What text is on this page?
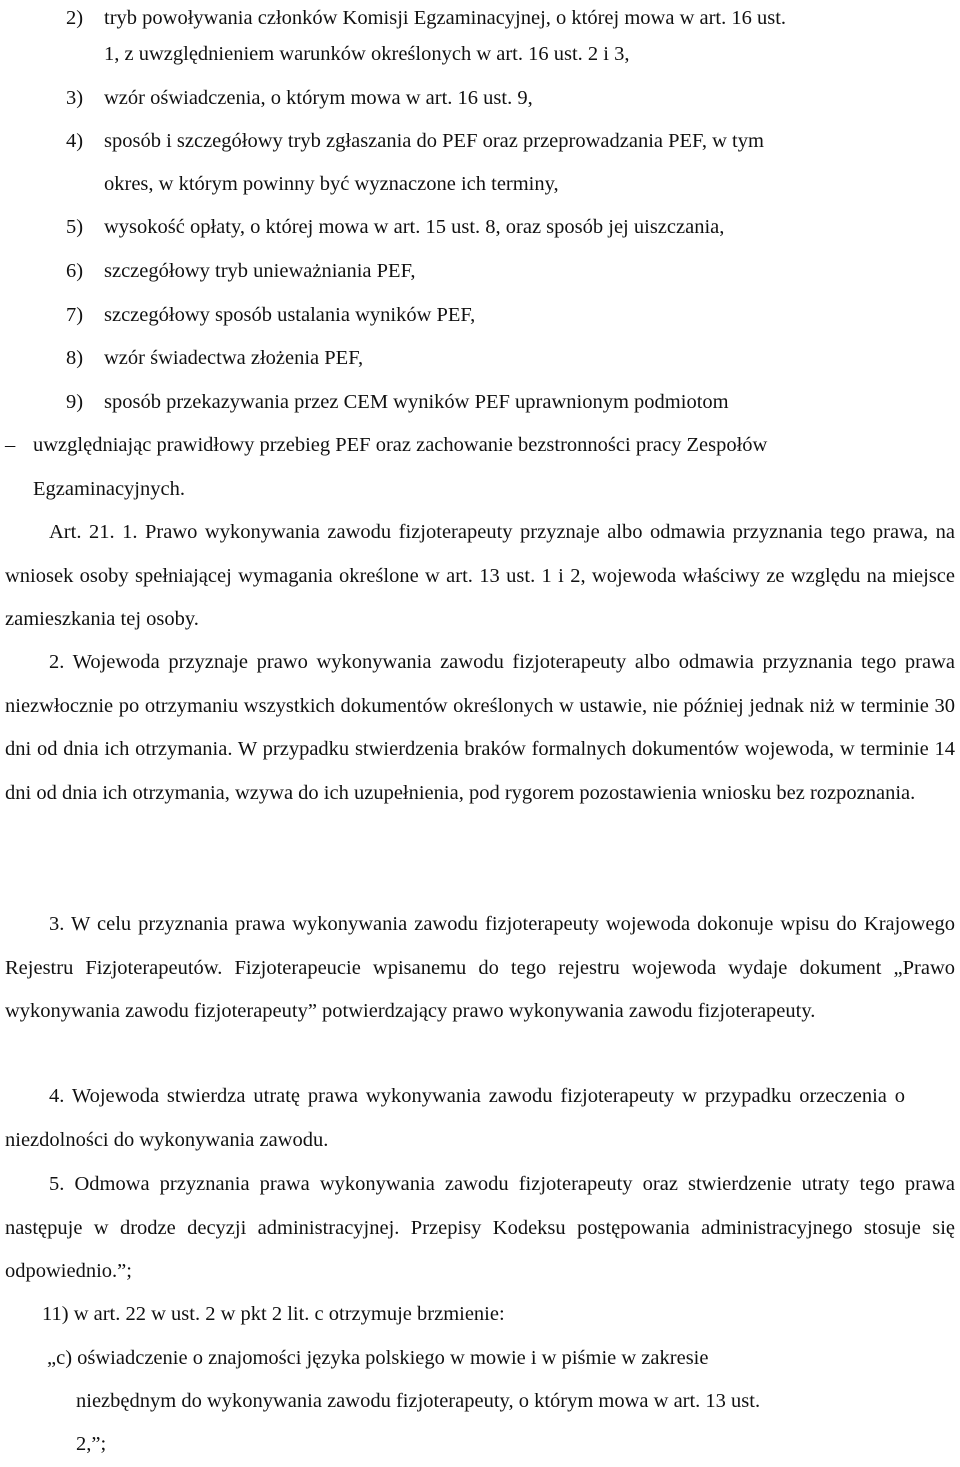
2) tryb powoływania członków Komisji Egzaminacyjnej, o której mowa w art. 16 ust.
1, z uwzględnieniem warunków określonych w art. 16 ust. 2 i 3,
3) wzór oświadczenia, o którym mowa w art. 16 ust. 9,
4) sposób i szczegółowy tryb zgłaszania do PEF oraz przeprowadzania PEF, w tym
okres, w którym powinny być wyznaczone ich terminy,
5) wysokość opłaty, o której mowa w art. 15 ust. 8, oraz sposób jej uiszczania,
6) szczegółowy tryb unieważniania PEF,
7) szczegółowy sposób ustalania wyników PEF,
8) wzór świadectwa złożenia PEF,
9) sposób przekazywania przez CEM wyników PEF uprawnionym podmiotom
– uwzględniając prawidłowy przebieg PEF oraz zachowanie bezstronności pracy Zespołów
Egzaminacyjnych.
Art. 21. 1. Prawo wykonywania zawodu fizjoterapeuty przyznaje albo odmawia przyznania tego prawa, na wniosek osoby spełniającej wymagania określone w art. 13 ust. 1 i 2, wojewoda właściwy ze względu na miejsce zamieszkania tej osoby.
2. Wojewoda przyznaje prawo wykonywania zawodu fizjoterapeuty albo odmawia przyznania tego prawa niezwłocznie po otrzymaniu wszystkich dokumentów określonych w ustawie, nie później jednak niż w terminie 30 dni od dnia ich otrzymania. W przypadku stwierdzenia braków formalnych dokumentów wojewoda, w terminie 14 dni od dnia ich otrzymania, wzywa do ich uzupełnienia, pod rygorem pozostawienia wniosku bez rozpoznania.
3. W celu przyznania prawa wykonywania zawodu fizjoterapeuty wojewoda dokonuje wpisu do Krajowego Rejestru Fizjoterapeutów. Fizjoterapeucie wpisanemu do tego rejestru wojewoda wydaje dokument „Prawo wykonywania zawodu fizjoterapeuty” potwierdzający prawo wykonywania zawodu fizjoterapeuty.
4. Wojewoda stwierdza utratę prawa wykonywania zawodu fizjoterapeuty w przypadku orzeczenia o niezdolności do wykonywania zawodu.
5. Odmowa przyznania prawa wykonywania zawodu fizjoterapeuty oraz stwierdzenie utraty tego prawa następuje w drodze decyzji administracyjnej. Przepisy Kodeksu postępowania administracyjnego stosuje się odpowiednio.”;
11) w art. 22 w ust. 2 w pkt 2 lit. c otrzymuje brzmienie:
„c) oświadczenie o znajomości języka polskiego w mowie i w piśmie w zakresie
niezbędnym do wykonywania zawodu fizjoterapeuty, o którym mowa w art. 13 ust.
2,”;
